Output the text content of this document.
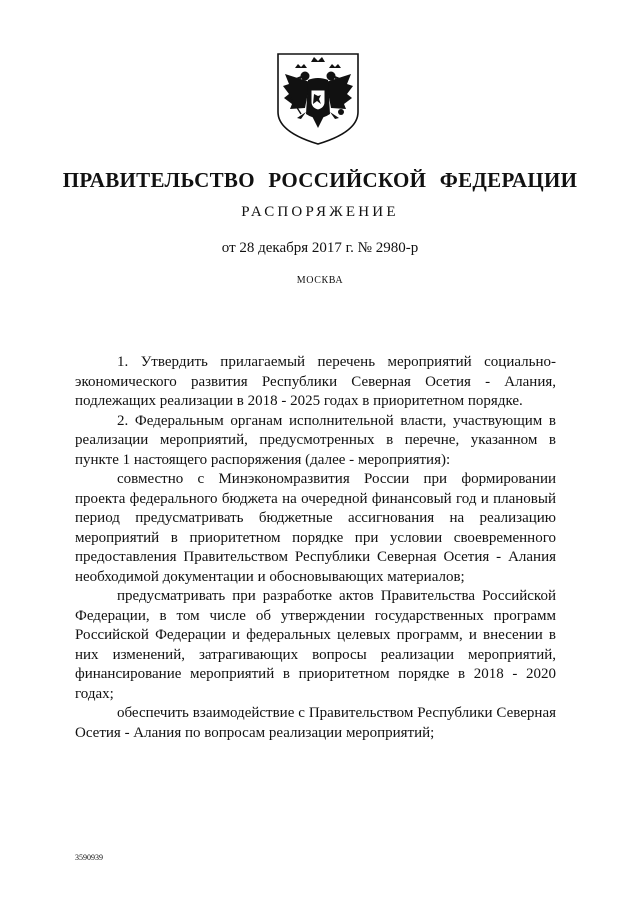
ПРАВИТЕЛЬСТВО РОССИЙСКОЙ ФЕДЕРАЦИИ
РАСПОРЯЖЕНИЕ
от 28 декабря 2017 г. № 2980-р
МОСКВА

1. Утвердить прилагаемый перечень мероприятий социально-экономического развития Республики Северная Осетия - Алания, подлежащих реализации в 2018 - 2025 годах в приоритетном порядке.

2. Федеральным органам исполнительной власти, участвующим в реализации мероприятий, предусмотренных в перечне, указанном в пункте 1 настоящего распоряжения (далее - мероприятия):

совместно с Минэкономразвития России при формировании проекта федерального бюджета на очередной финансовый год и плановый период предусматривать бюджетные ассигнования на реализацию мероприятий в приоритетном порядке при условии своевременного предоставления Правительством Республики Северная Осетия - Алания необходимой документации и обосновывающих материалов;

предусматривать при разработке актов Правительства Российской Федерации, в том числе об утверждении государственных программ Российской Федерации и федеральных целевых программ, и внесении в них изменений, затрагивающих вопросы реализации мероприятий, финансирование мероприятий в приоритетном порядке в 2018 - 2020 годах;

обеспечить взаимодействие с Правительством Республики Северная Осетия - Алания по вопросам реализации мероприятий;

3590939
